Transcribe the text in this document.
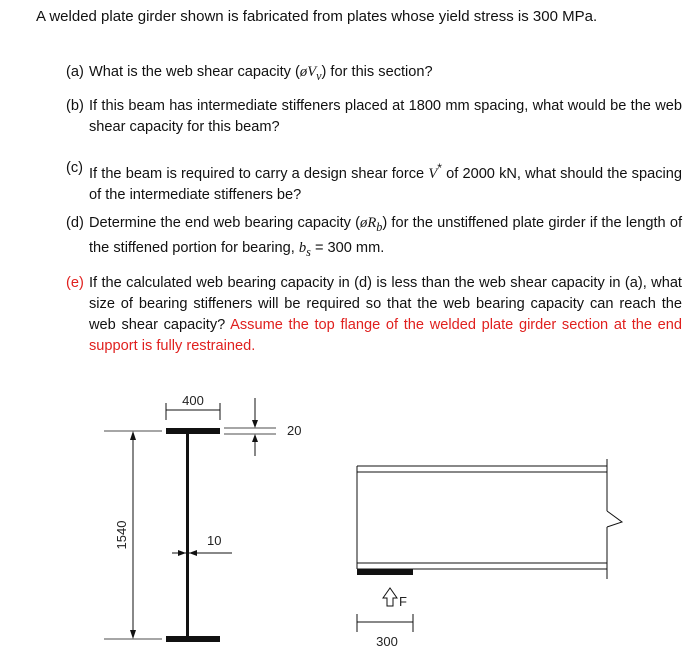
A welded plate girder shown is fabricated from plates whose yield stress is 300 MPa.
(a) What is the web shear capacity $(øV_v)$ for this section?
(b) If this beam has intermediate stiffeners placed at 1800 mm spacing, what would be the web shear capacity for this beam?
(c) If the beam is required to carry a design shear force V* of 2000 kN, what should the spacing of the intermediate stiffeners be?
(d) Determine the end web bearing capacity $(øR_b)$ for the unstiffened plate girder if the length of the stiffened portion for bearing, $b_s = 300$ mm.
(e) If the calculated web bearing capacity in (d) is less than the web shear capacity in (a), what size of bearing stiffeners will be required so that the web bearing capacity can reach the web shear capacity? Assume the top flange of the welded plate girder section at the end support is fully restrained.
400
20
10
1540
F
300
